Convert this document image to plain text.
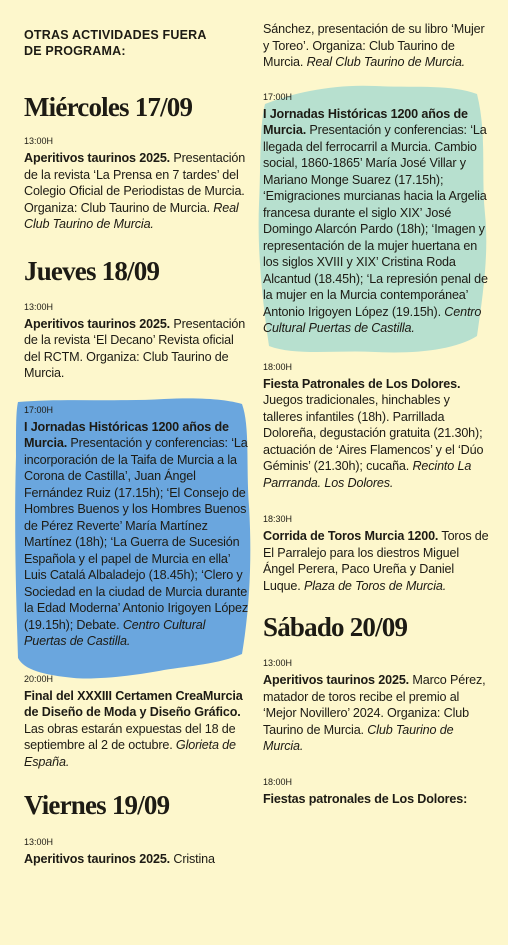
OTRAS ACTIVIDADES FUERA
DE PROGRAMA:
Miércoles 17/09

13:00H

Aperitivos taurinos 2025. Presentación de la revista ‘La Prensa en 7 tardes’ del Colegio Oficial de Periodistas de Murcia. Organiza: Club Taurino de Murcia. Real Club Taurino de Murcia.

Jueves 18/09

13:00H

Aperitivos taurinos 2025. Presentación de la revista ‘El Decano’ Revista oficial del RCTM. Organiza: Club Taurino de Murcia.

17:00H

I Jornadas Históricas 1200 años de Murcia. Presentación y conferencias: ‘La incorporación de la Taifa de Murcia a la Corona de Castilla’, Juan Ángel Fernández Ruiz (17.15h); ‘El Consejo de Hombres Buenos y los Hombres Buenos de Pérez Reverte’ María Martínez Martínez (18h); ‘La Guerra de Sucesión Española y el papel de Murcia en ella’ Luis Catalá Albaladejo (18.45h); ‘Clero y Sociedad en la ciudad de Murcia durante la Edad Moderna’ Antonio Irigoyen López (19.15h); Debate. Centro Cultural Puertas de Castilla.

20:00H

Final del XXXIII Certamen CreaMurcia de Diseño de Moda y Diseño Gráfico. Las obras estarán expuestas del 18 de septiembre al 2 de octubre. Glorieta de España.

Viernes 19/09

13:00H

Aperitivos taurinos 2025. Cristina

Sánchez, presentación de su libro ‘Mujer y Toreo’. Organiza: Club Taurino de Murcia. Real Club Taurino de Murcia.

17:00H

I Jornadas Históricas 1200 años de Murcia. Presentación y conferencias: ‘La llegada del ferrocarril a Murcia. Cambio social, 1860-1865’ María José Villar y Mariano Monge Suarez (17.15h); ‘Emigraciones murcianas hacia la Argelia francesa durante el siglo XIX’ José Domingo Alarcón Pardo (18h); ‘Imagen y representación de la mujer huertana en los siglos XVIII y XIX’ Cristina Roda Alcantud (18.45h); ‘La represión penal de la mujer en la Murcia contemporánea’ Antonio Irigoyen López (19.15h). Centro Cultural Puertas de Castilla.

18:00H

Fiesta Patronales de Los Dolores. Juegos tradicionales, hinchables y talleres infantiles (18h). Parrillada Doloreña, degustación gratuita (21.30h); actuación de ‘Aires Flamencos’ y el ‘Dúo Géminis’ (21.30h); cucaña. Recinto La Parrranda. Los Dolores.

18:30H

Corrida de Toros Murcia 1200. Toros de El Parralejo para los diestros Miguel Ángel Perera, Paco Ureña y Daniel Luque. Plaza de Toros de Murcia.

Sábado 20/09

13:00H

Aperitivos taurinos 2025. Marco Pérez, matador de toros recibe el premio al ‘Mejor Novillero’ 2024. Organiza: Club Taurino de Murcia. Club Taurino de Murcia.

18:00H

Fiestas patronales de Los Dolores:
